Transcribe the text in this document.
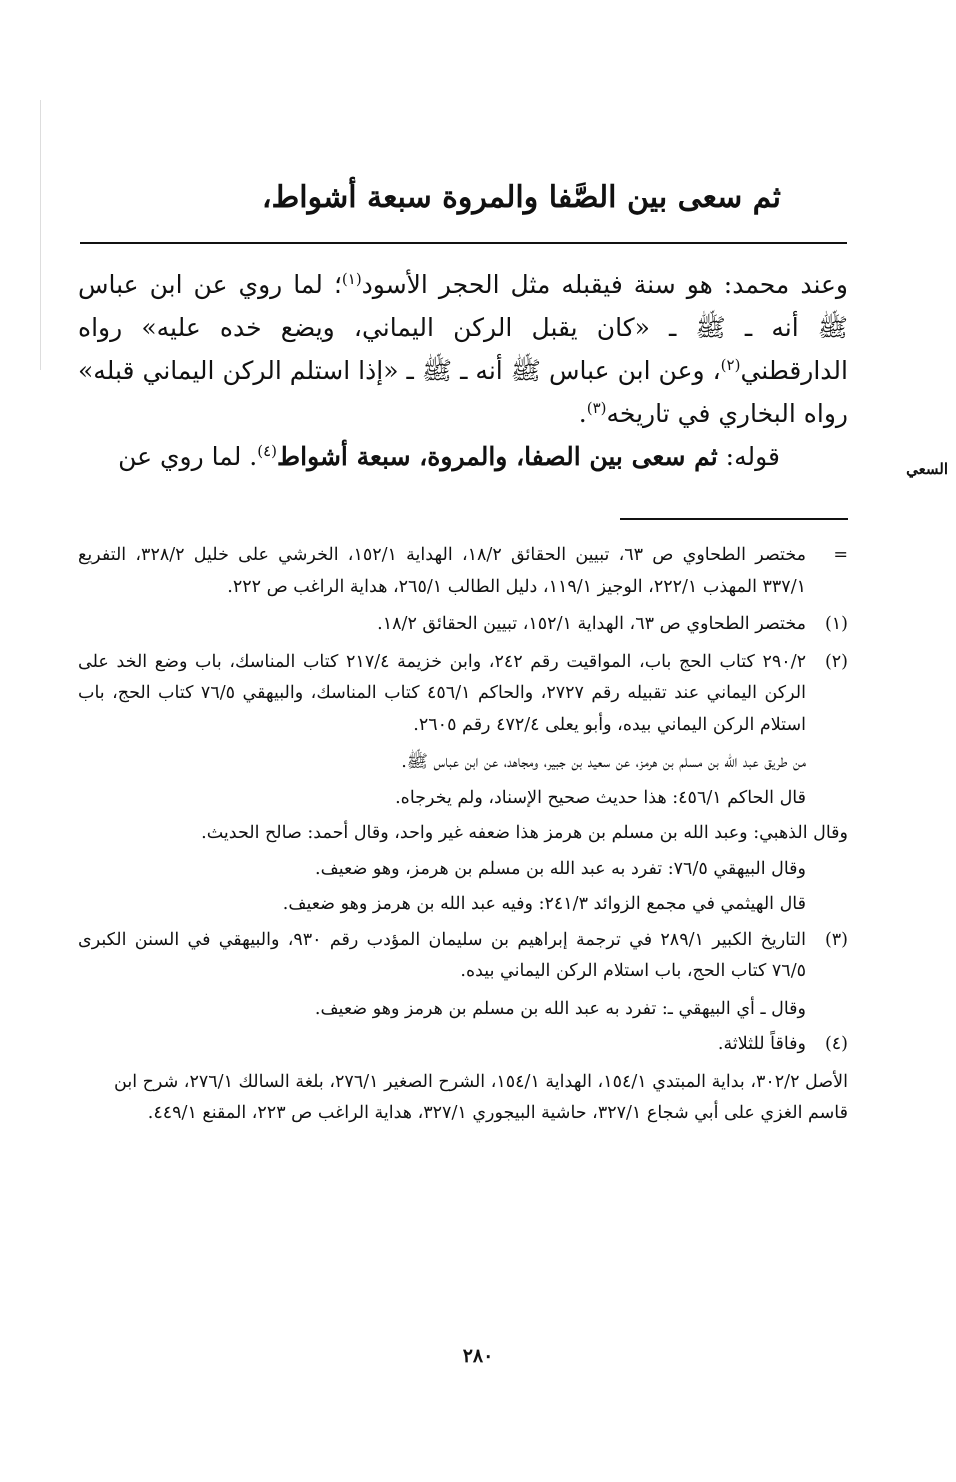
ثم سعى بين الصَّفا والمروة سبعة أشواط،

وعند محمد: هو سنة فيقبله مثل الحجر الأسود$^{(١)}$؛ لما روي عن ابن عباس ﷺ أنه ـ ﷺ ـ «كان يقبل الركن اليماني، ويضع خده عليه» رواه الدارقطني$^{(٢)}$، وعن ابن عباس ﷺ أنه ـ ﷺ ـ «إذا استلم الركن اليماني قبله» رواه البخاري في تاريخه$^{(٣)}$.

قوله: ثم سعى بين الصفا، والمروة، سبعة أشواط$^{(٤)}$. لما روي عن	السعي
=
مختصر الطحاوي ص ٦٣، تبيين الحقائق ١٨/٢، الهداية ١٥٢/١، الخرشي على خليل ٣٢٨/٢، التفريع ٣٣٧/١ المهذب ٢٢٢/١، الوجيز ١١٩/١، دليل الطالب ٢٦٥/١، هداية الراغب ص ٢٢٢.
(١)
مختصر الطحاوي ص ٦٣، الهداية ١٥٢/١، تبيين الحقائق ١٨/٢.
(٢)
٢٩٠/٢ كتاب الحج باب، المواقيت رقم ٢٤٢، وابن خزيمة ٢١٧/٤ كتاب المناسك، باب وضع الخد على الركن اليماني عند تقبيله رقم ٢٧٢٧، والحاكم ٤٥٦/١ كتاب المناسك، والبيهقي ٧٦/٥ كتاب الحج، باب استلام الركن اليماني بيده، وأبو يعلى ٤٧٢/٤ رقم ٢٦٠٥.
من طريق عبد الله بن مسلم بن هرمز، عن سعيد بن جبير، ومجاهد، عن ابن عباس ﷺ.
قال الحاكم ٤٥٦/١: هذا حديث صحيح الإسناد، ولم يخرجاه.
وقال الذهبي: وعبد الله بن مسلم بن هرمز هذا ضعفه غير واحد، وقال أحمد: صالح الحديث.
وقال البيهقي ٧٦/٥: تفرد به عبد الله بن مسلم بن هرمز، وهو ضعيف.
قال الهيثمي في مجمع الزوائد ٢٤١/٣: وفيه عبد الله بن هرمز وهو ضعيف.
(٣)
التاريخ الكبير ٢٨٩/١ في ترجمة إبراهيم بن سليمان المؤدب رقم ٩٣٠، والبيهقي في السنن الكبرى ٧٦/٥ كتاب الحج، باب استلام الركن اليماني بيده.
وقال ـ أي البيهقي ـ: تفرد به عبد الله بن مسلم بن هرمز وهو ضعيف.
(٤)
وفاقاً للثلاثة.
الأصل ٣٠٢/٢، بداية المبتدي ١٥٤/١، الهداية ١٥٤/١، الشرح الصغير ٢٧٦/١، بلغة السالك ٢٧٦/١، شرح ابن قاسم الغزي على أبي شجاع ٣٢٧/١، حاشية البيجوري ٣٢٧/١، هداية الراغب ص ٢٢٣، المقنع ٤٤٩/١.
٢٨٠
